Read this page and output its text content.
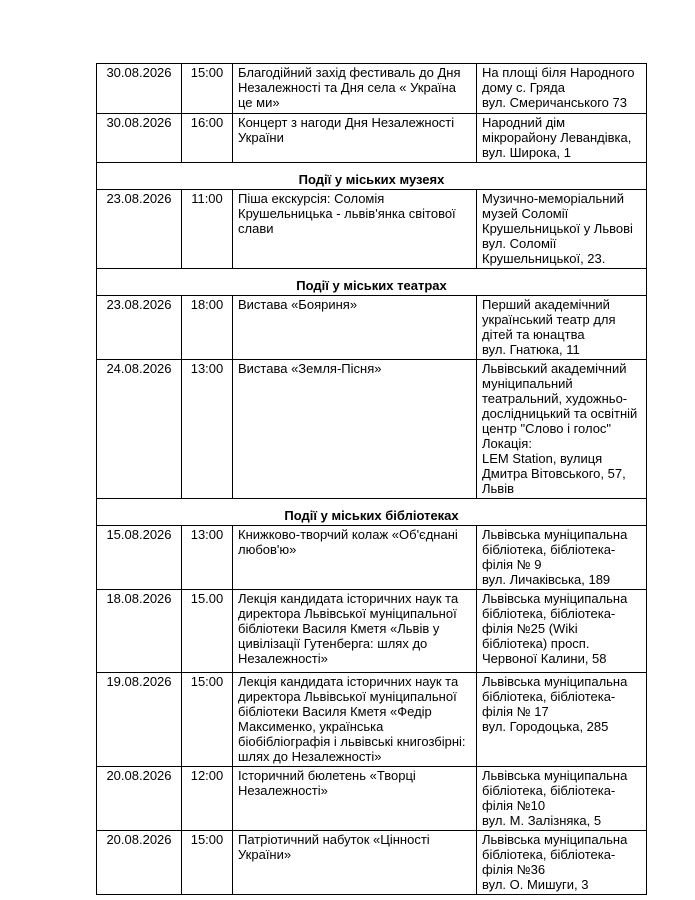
30.08.2026	15:00	Благодійний захід фестиваль до Дня Незалежності та Дня села « Україна це ми»	На площі біля Народного дому с. Гряда
вул. Смеричанського 73

30.08.2026	16:00	Концерт з нагоди Дня Незалежності України	Народний дім мікрорайону Левандівка, вул. Широка, 1

Події у міських музеях			
23.08.2026	11:00	Піша екскурсія: Соломія Крушельницька - львів'янка світової слави	Музично-меморіальний музей Соломії Крушельницької у Львові вул. Соломії Крушельницької, 23.

Події у міських театрах			
23.08.2026	18:00	Вистава «Бояриня»	Перший академічний український театр для дітей та юнацтва
вул. Гнатюка, 11

24.08.2026	13:00	Вистава «Земля-Пісня»	Львівський академічний муніципальний театральний, художньо-дослідницький та освітній центр "Слово і голос"
Локація:
LEM Station, вулиця Дмитра Вітовського, 57, Львів

Події у міських бібліотеках			
15.08.2026	13:00	Книжково-творчий колаж «Об'єднані любов'ю»	Львівська муніципальна бібліотека, бібліотека-філія № 9
вул. Личаківська, 189

18.08.2026	15.00	Лекція кандидата історичних наук та директора Львівської муніципальної бібліотеки Василя Кметя «Львів у цивілізації Гутенберга: шлях до Незалежності»	Львівська муніципальна бібліотека, бібліотека-філія №25 (Wiki бібліотека) просп. Червоної Калини, 58

19.08.2026	15:00	Лекція кандидата історичних наук та директора Львівської муніципальної бібліотеки Василя Кметя «Федір Максименко, українська біобібліографія і львівські книгозбірні: шлях до Незалежності»	Львівська муніципальна бібліотека, бібліотека-філія № 17
вул. Городоцька, 285

20.08.2026	12:00	Історичний бюлетень «Творці Незалежності»	Львівська муніципальна бібліотека, бібліотека-філія №10
вул. М. Залізняка, 5

20.08.2026	15:00	Патріотичний набуток «Цінності України»	Львівська муніципальна бібліотека, бібліотека-філія №36
вул. О. Мишуги, 3
